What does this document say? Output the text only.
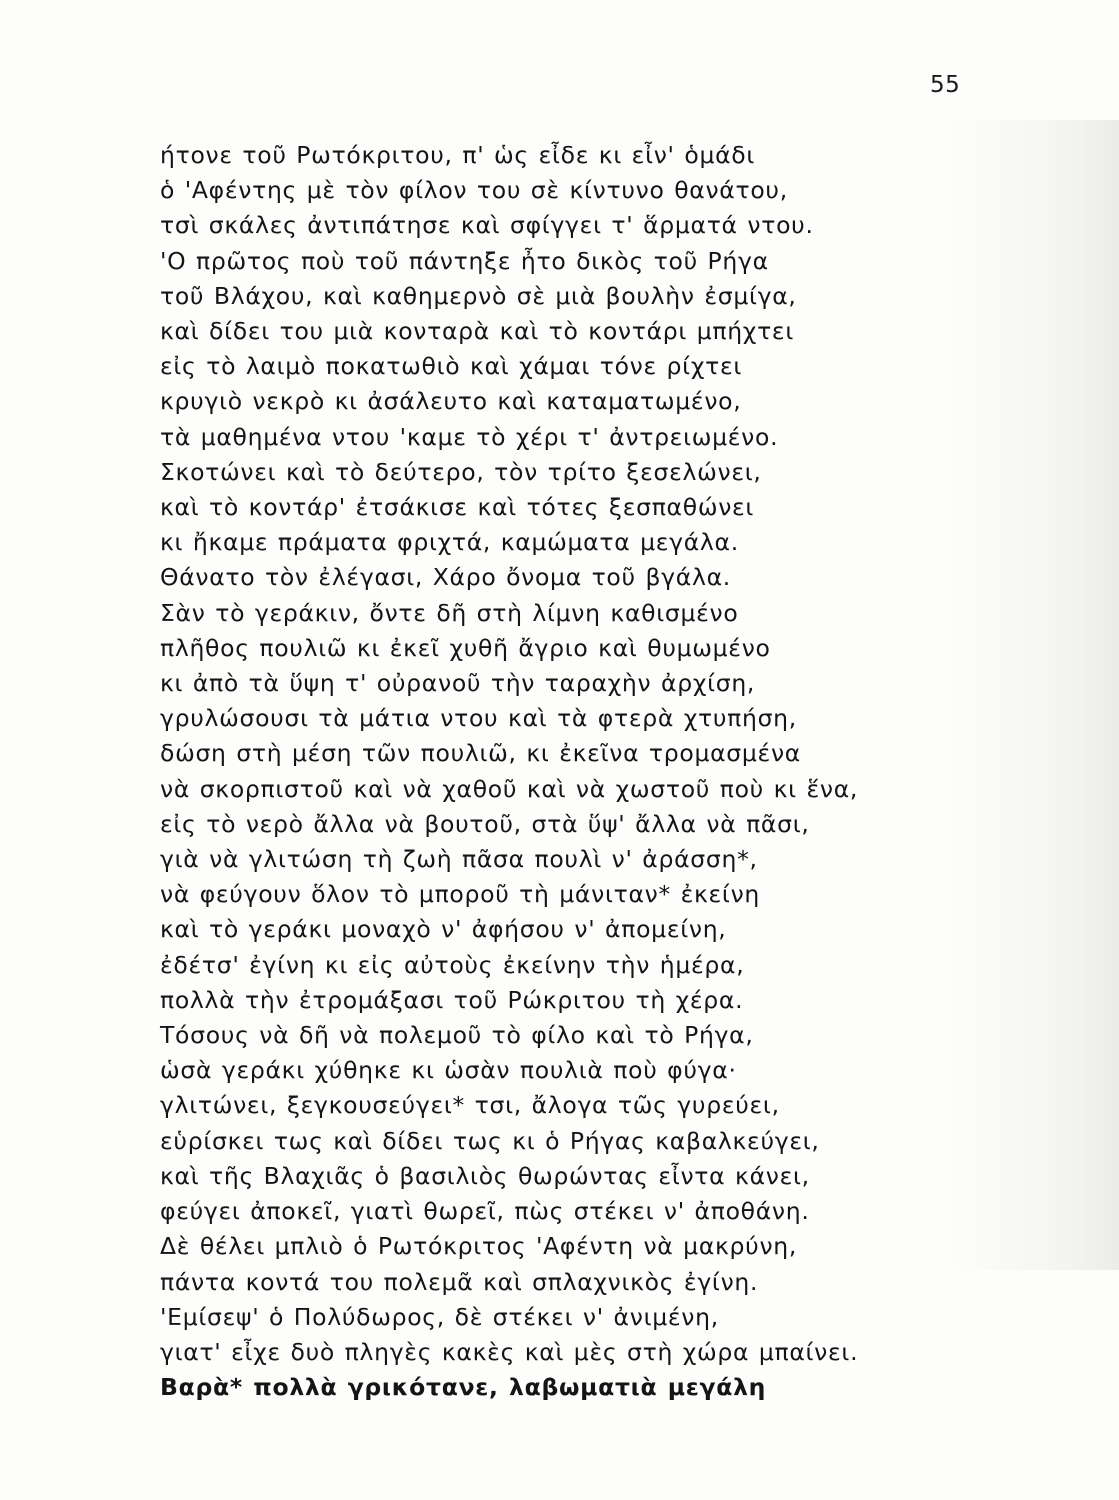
55
ήτονε τοῦ Ρωτόκριτου, π' ὡς εἶδε κι εἶν' ὁμάδι
ὁ 'Αφέντης μὲ τὸν φίλον του σὲ κίντυνο θανάτου,
τσὶ σκάλες ἀντιπάτησε καὶ σφίγγει τ' ἅρματά ντου.
'Ο πρῶτος ποὺ τοῦ πάντηξε ἦτο δικὸς τοῦ Ρήγα
τοῦ Βλάχου, καὶ καθημερνὸ σὲ μιὰ βουλὴν ἐσμίγα,
καὶ δίδει του μιὰ κονταρὰ καὶ τὸ κοντάρι μπήχτει
εἰς τὸ λαιμὸ ποκατωθιὸ καὶ χάμαι τόνε ρίχτει
κρυγιὸ νεκρὸ κι ἀσάλευτο καὶ καταματωμένο,
τὰ μαθημένα ντου 'καμε τὸ χέρι τ' ἀντρειωμένο.
Σκοτώνει καὶ τὸ δεύτερο, τὸν τρίτο ξεσελώνει,
καὶ τὸ κοντάρ' ἐτσάκισε καὶ τότες ξεσπαθώνει
κι ἤκαμε πράματα φριχτά, καμώματα μεγάλα.
Θάνατο τὸν ἐλέγασι, Χάρο ὄνομα τοῦ βγάλα.
Σὰν τὸ γεράκιν, ὄντε δῆ στὴ λίμνη καθισμένο
πλῆθος πουλιῶ κι ἐκεῖ χυθῆ ἄγριο καὶ θυμωμένο
κι ἀπὸ τὰ ὕψη τ' οὐρανοῦ τὴν ταραχὴν ἀρχίση,
γρυλώσουσι τὰ μάτια ντου καὶ τὰ φτερὰ χτυπήση,
δώση στὴ μέση τῶν πουλιῶ, κι ἐκεῖνα τρομασμένα
νὰ σκορπιστοῦ καὶ νὰ χαθοῦ καὶ νὰ χωστοῦ ποὺ κι ἕνα,
εἰς τὸ νερὸ ἄλλα νὰ βουτοῦ, στὰ ὕψ' ἄλλα νὰ πᾶσι,
γιὰ νὰ γλιτώση τὴ ζωὴ πᾶσα πουλὶ ν' ἀράσση*,
νὰ φεύγουν ὅλον τὸ μποροῦ τὴ μάνιταν* ἐκείνη
καὶ τὸ γεράκι μοναχὸ ν' ἀφήσου ν' ἀπομείνη,
ἐδέτσ' ἐγίνη κι εἰς αὐτοὺς ἐκείνην τὴν ἡμέρα,
πολλὰ τὴν ἐτρομάξασι τοῦ Ρώκριτου τὴ χέρα.
Τόσους νὰ δῆ νὰ πολεμοῦ τὸ φίλο καὶ τὸ Ρήγα,
ὡσὰ γεράκι χύθηκε κι ὡσὰν πουλιὰ ποὺ φύγα·
γλιτώνει, ξεγκουσεύγει* τσι, ἄλογα τῶς γυρεύει,
εὑρίσκει τως καὶ δίδει τως κι ὁ Ρήγας καβαλκεύγει,
καὶ τῆς Βλαχιᾶς ὁ βασιλιὸς θωρώντας εἶντα κάνει,
φεύγει ἀποκεῖ, γιατὶ θωρεῖ, πὼς στέκει ν' ἀποθάνη.
Δὲ θέλει μπλιὸ ὁ Ρωτόκριτος 'Αφέντη νὰ μακρύνη,
πάντα κοντά του πολεμᾶ καὶ σπλαχνικὸς ἐγίνη.
'Εμίσεψ' ὁ Πολύδωρος, δὲ στέκει ν' ἀνιμένη,
γιατ' εἶχε δυὸ πληγὲς κακὲς καὶ μὲς στὴ χώρα μπαίνει.
Βαρὰ* πολλὰ γρικότανε, λαβωματιὰ μεγάλη
